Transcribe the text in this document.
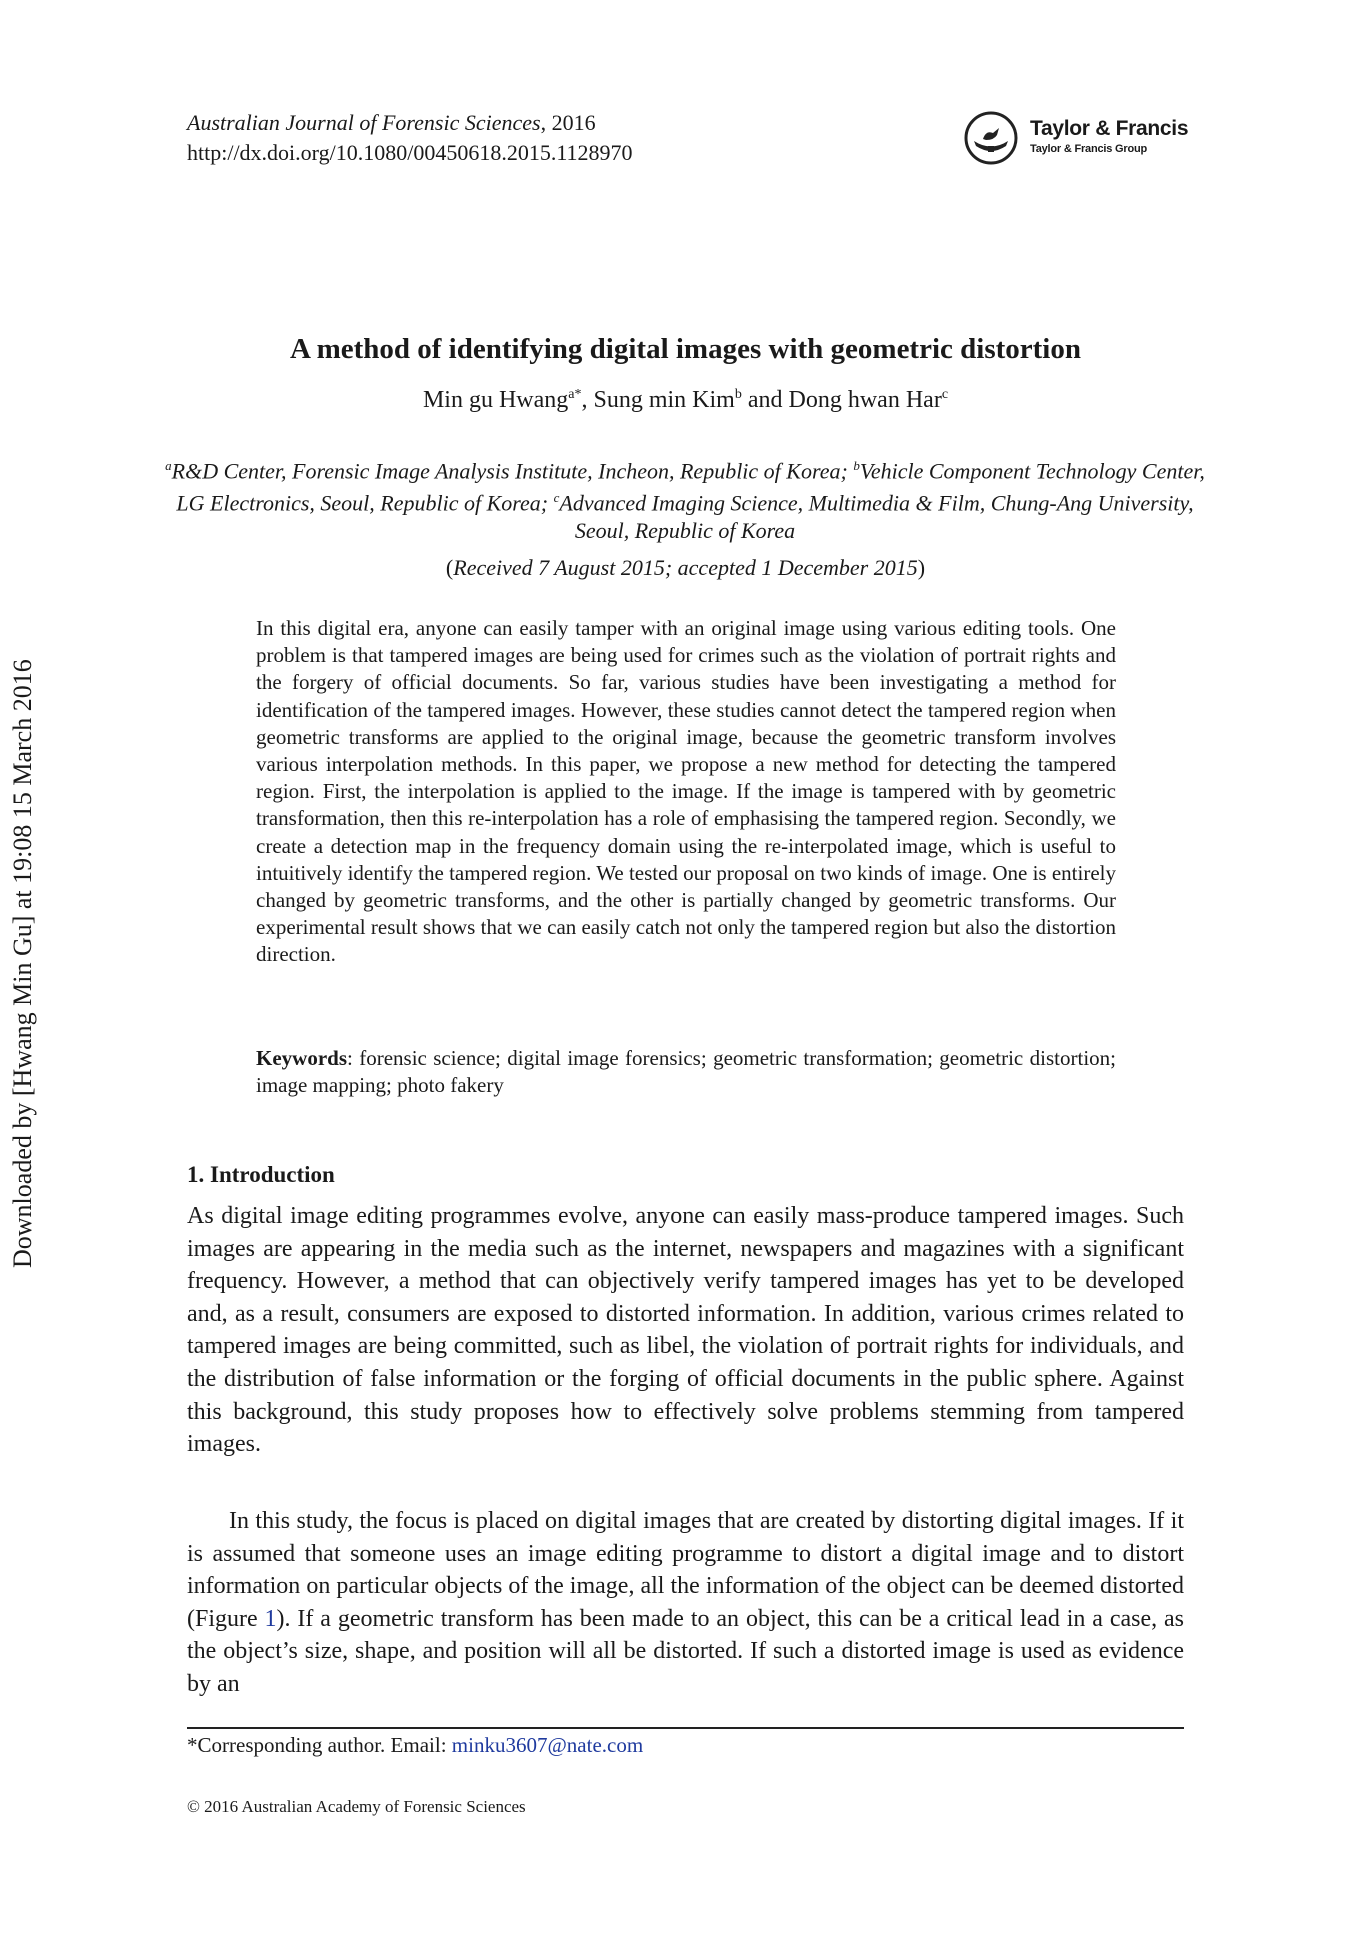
Australian Journal of Forensic Sciences, 2016
http://dx.doi.org/10.1080/00450618.2015.1128970
Taylor & Francis
Taylor & Francis Group
A method of identifying digital images with geometric distortion
Min gu Hwang$^{a*}$, Sung min Kim$^b$ and Dong hwan Har$^c$
$^a$R&D Center, Forensic Image Analysis Institute, Incheon, Republic of Korea; $^b$Vehicle Component Technology Center, LG Electronics, Seoul, Republic of Korea; $^c$Advanced Imaging Science, Multimedia & Film, Chung-Ang University, Seoul, Republic of Korea
(Received 7 August 2015; accepted 1 December 2015)
In this digital era, anyone can easily tamper with an original image using various editing tools. One problem is that tampered images are being used for crimes such as the violation of portrait rights and the forgery of official documents. So far, various studies have been investigating a method for identification of the tampered images. However, these studies cannot detect the tampered region when geometric transforms are applied to the original image, because the geometric transform involves various interpolation methods. In this paper, we propose a new method for detecting the tampered region. First, the interpolation is applied to the image. If the image is tampered with by geometric transformation, then this re-interpolation has a role of emphasising the tampered region. Secondly, we create a detection map in the frequency domain using the re-interpolated image, which is useful to intuitively identify the tampered region. We tested our proposal on two kinds of image. One is entirely changed by geometric transforms, and the other is partially changed by geometric transforms. Our experimental result shows that we can easily catch not only the tampered region but also the distortion direction.
Keywords: forensic science; digital image forensics; geometric transformation; geometric distortion; image mapping; photo fakery
1. Introduction
As digital image editing programmes evolve, anyone can easily mass-produce tampered images. Such images are appearing in the media such as the internet, newspapers and magazines with a significant frequency. However, a method that can objectively verify tampered images has yet to be developed and, as a result, consumers are exposed to distorted information. In addition, various crimes related to tampered images are being committed, such as libel, the violation of portrait rights for individuals, and the distribution of false information or the forging of official documents in the public sphere. Against this background, this study proposes how to effectively solve problems stemming from tampered images.
In this study, the focus is placed on digital images that are created by distorting digital images. If it is assumed that someone uses an image editing programme to distort a digital image and to distort information on particular objects of the image, all the information of the object can be deemed distorted (Figure 1). If a geometric transform has been made to an object, this can be a critical lead in a case, as the object’s size, shape, and position will all be distorted. If such a distorted image is used as evidence by an
*Corresponding author. Email: minku3607@nate.com
© 2016 Australian Academy of Forensic Sciences
Downloaded by [Hwang Min Gu] at 19:08 15 March 2016
